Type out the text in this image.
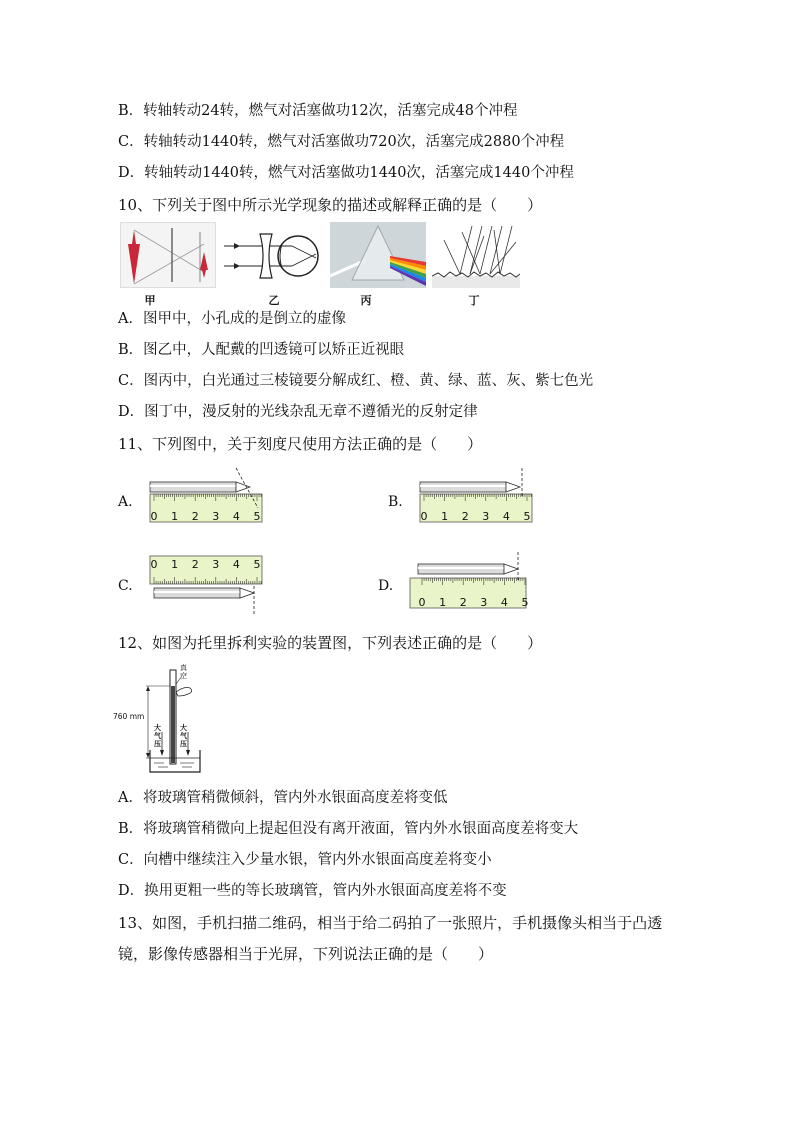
B．转轴转动24转，燃气对活塞做功12次，活塞完成48个冲程
C．转轴转动1440转，燃气对活塞做功720次，活塞完成2880个冲程
D．转轴转动1440转，燃气对活塞做功1440次，活塞完成1440个冲程
10、下列关于图中所示光学现象的描述或解释正确的是（　　）
甲	乙	丙	丁
A．图甲中，小孔成的是倒立的虚像
B．图乙中，人配戴的凹透镜可以矫正近视眼
C．图丙中，白光通过三棱镜要分解成红、橙、黄、绿、蓝、灰、紫七色光
D．图丁中，漫反射的光线杂乱无章不遵循光的反射定律
11、下列图中，关于刻度尺使用方法正确的是（　　）
A.	B.
C.	D.
0 1 2 3 4 5	0 1 2 3 4 5
0 1 2 3 4 5
0 1 2 3 4 5
12、如图为托里拆利实验的装置图，下列表述正确的是（　　）
真空
760 mm
大气压
大气压
A．将玻璃管稍微倾斜，管内外水银面高度差将变低
B．将玻璃管稍微向上提起但没有离开液面，管内外水银面高度差将变大
C．向槽中继续注入少量水银，管内外水银面高度差将变小
D．换用更粗一些的等长玻璃管，管内外水银面高度差将不变
13、如图，手机扫描二维码，相当于给二码拍了一张照片，手机摄像头相当于凸透
镜，影像传感器相当于光屏，下列说法正确的是（　　）
